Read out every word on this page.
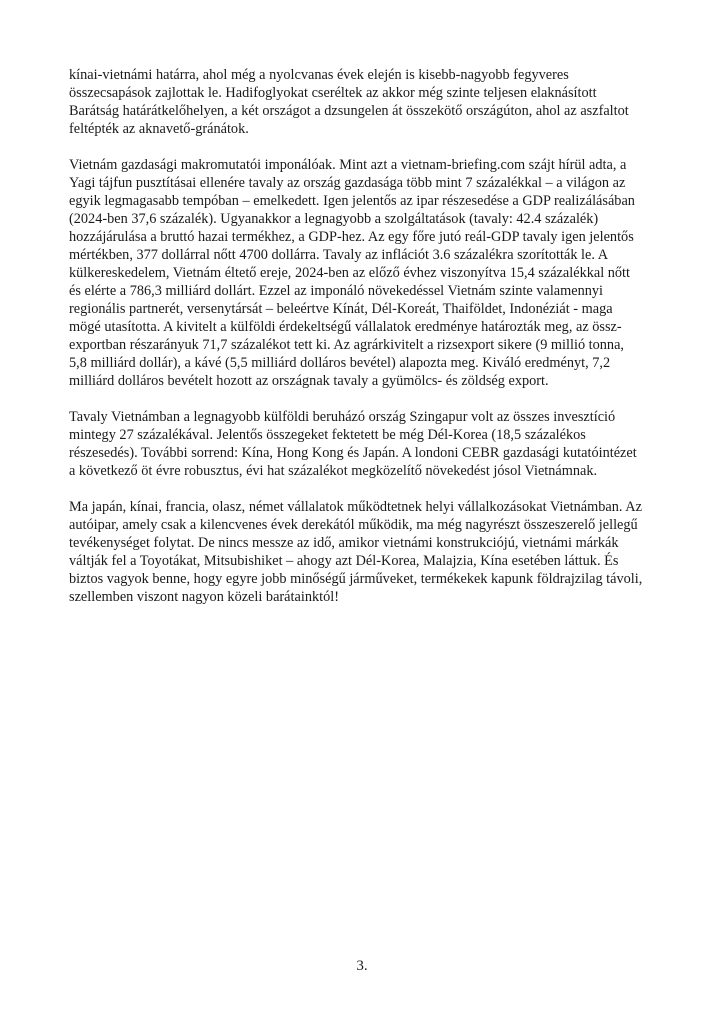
kínai-vietnámi határra, ahol még a nyolcvanas évek elején is kisebb-nagyobb fegyveres
összecsapások zajlottak le. Hadifoglyokat cseréltek az akkor még szinte teljesen elaknásított
Barátság határátkelőhelyen, a két országot a dzsungelen át összekötő országúton, ahol az aszfaltot
feltépték az aknavető-gránátok.

Vietnám gazdasági makromutatói imponálóak. Mint azt a vietnam-briefing.com szájt hírül adta, a
Yagi tájfun pusztításai ellenére tavaly az ország gazdasága több mint 7 százalékkal – a világon az
egyik legmagasabb tempóban – emelkedett. Igen jelentős az ipar részesedése a GDP realizálásában
(2024-ben 37,6 százalék). Ugyanakkor a legnagyobb a szolgáltatások (tavaly: 42.4 százalék)
hozzájárulása a bruttó hazai termékhez, a GDP-hez. Az egy főre jutó reál-GDP tavaly igen jelentős
mértékben, 377 dollárral nőtt 4700 dollárra. Tavaly az inflációt 3.6 százalékra szorították le. A
külkereskedelem, Vietnám éltető ereje, 2024-ben az előző évhez viszonyítva 15,4 százalékkal nőtt
és elérte a 786,3 milliárd dollárt. Ezzel az imponáló növekedéssel Vietnám szinte valamennyi
regionális partnerét, versenytársát – beleértve Kínát, Dél-Koreát, Thaiföldet, Indonéziát - maga
mögé utasította. A kivitelt a külföldi érdekeltségű vállalatok eredménye határozták meg, az össz-
exportban részarányuk 71,7 százalékot tett ki. Az agrárkivitelt a rizsexport sikere (9 millió tonna,
5,8 milliárd dollár), a kávé (5,5 milliárd dolláros bevétel) alapozta meg. Kiváló eredményt, 7,2
milliárd dolláros bevételt hozott az országnak tavaly a gyümölcs- és zöldség export.

Tavaly Vietnámban a legnagyobb külföldi beruházó ország Szingapur volt az összes invesztíció
mintegy 27 százalékával. Jelentős összegeket fektetett be még Dél-Korea (18,5 százalékos
részesedés). További sorrend: Kína, Hong Kong és Japán. A londoni CEBR gazdasági kutatóintézet
a következő öt évre robusztus, évi hat százalékot megközelítő növekedést jósol Vietnámnak.

Ma japán, kínai, francia, olasz, német vállalatok működtetnek helyi vállalkozásokat Vietnámban. Az
autóipar, amely csak a kilencvenes évek derekától működik, ma még nagyrészt összeszerelő jellegű
tevékenységet folytat. De nincs messze az idő, amikor vietnámi konstrukciójú, vietnámi márkák
váltják fel a Toyotákat, Mitsubishiket – ahogy azt Dél-Korea, Malajzia, Kína esetében láttuk. És
biztos vagyok benne, hogy egyre jobb minőségű járműveket, termékekek kapunk földrajzilag távoli,
szellemben viszont nagyon közeli barátainktól!

3.
